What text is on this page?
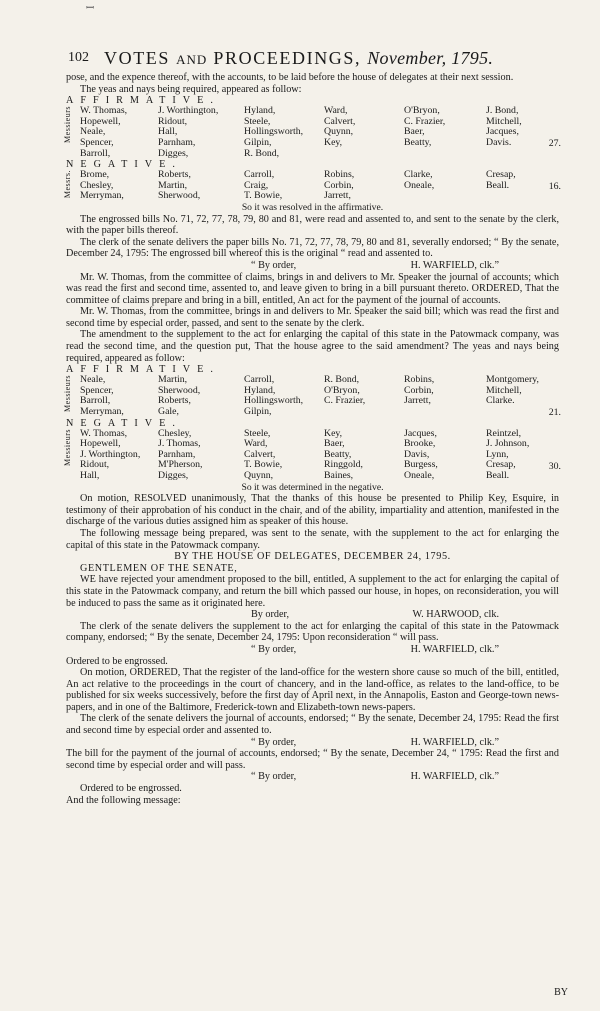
ꟷ
102 VOTES AND PROCEEDINGS, November, 1795.

pose, and the expence thereof, with the accounts, to be laid before the house of delegates at their next session.

The yeas and nays being required, appeared as follow:

AFFIRMATIVE.

Messieurs W. Thomas,	J. Worthington,	Hyland,	Ward,	O'Bryon,	J. Bond,
Hopewell,	Ridout,	Steele,	Calvert,	C. Frazier,	Mitchell,
Neale,	Hall,	Hollingsworth,	Quynn,	Baer,	Jacques,
Spencer,	Parnham,	Gilpin,	Key,	Beatty,	Davis.
Barroll,	Digges,	R. Bond,			
27.

NEGATIVE.

Messrs. Brome,	Roberts,	Carroll,	Robins,	Clarke,	Cresap,
Chesley,	Martin,	Craig,	Corbin,	Oneale,	Beall.
Merryman,	Sherwood,	T. Bowie,	Jarrett,		
16.

So it was resolved in the affirmative.

The engrossed bills No. 71, 72, 77, 78, 79, 80 and 81, were read and assented to, and sent to the senate by the clerk, with the paper bills thereof.

The clerk of the senate delivers the paper bills No. 71, 72, 77, 78, 79, 80 and 81, severally endorsed; “ By the senate, December 24, 1795: The engrossed bill whereof this is the original “ read and assented to.

“ By order,	H. WARFIELD, clk.”

Mr. W. Thomas, from the committee of claims, brings in and delivers to Mr. Speaker the journal of accounts; which was read the first and second time, assented to, and leave given to bring in a bill pursuant thereto. ORDERED, That the committee of claims prepare and bring in a bill, entitled, An act for the payment of the journal of accounts.

Mr. W. Thomas, from the committee, brings in and delivers to Mr. Speaker the said bill; which was read the first and second time by especial order, passed, and sent to the senate by the clerk.

The amendment to the supplement to the act for enlarging the capital of this state in the Patowmack company, was read the second time, and the question put, That the house agree to the said amendment? The yeas and nays being required, appeared as follow:

AFFIRMATIVE.

Messieurs Neale,	Martin,	Carroll,	R. Bond,	Robins,	Montgomery,
Spencer,	Sherwood,	Hyland,	O'Bryon,	Corbin,	Mitchell,
Barroll,	Roberts,	Hollingsworth,	C. Frazier,	Jarrett,	Clarke.
Merryman,	Gale,	Gilpin,				21.

NEGATIVE.

Messieurs W. Thomas,	Chesley,	Steele,	Key,	Jacques,	Reintzel,
Hopewell,	J. Thomas,	Ward,	Baer,	Brooke,	J. Johnson,
J. Worthington,	Parnham,	Calvert,	Beatty,	Davis,	Lynn,
Ridout,	M'Pherson,	T. Bowie,	Ringgold,	Burgess,	Cresap,
Hall,	Digges,	Quynn,	Baines,	Oneale,	Beall.
30.

So it was determined in the negative.

On motion, RESOLVED unanimously, That the thanks of this house be presented to Philip Key, Esquire, in testimony of their approbation of his conduct in the chair, and of the ability, impartiality and attention, manifested in the discharge of the various duties assigned him as speaker of this house.

The following message being prepared, was sent to the senate, with the supplement to the act for enlarging the capital of this state in the Patowmack company.

BY THE HOUSE OF DELEGATES, DECEMBER 24, 1795.

GENTLEMEN OF THE SENATE,

WE have rejected your amendment proposed to the bill, entitled, A supplement to the act for enlarging the capital of this state in the Patowmack company, and return the bill which passed our house, in hopes, on reconsideration, you will be induced to pass the same as it originated here.

By order,	W. HARWOOD, clk.

The clerk of the senate delivers the supplement to the act for enlarging the capital of this state in the Patowmack company, endorsed; “ By the senate, December 24, 1795: Upon reconsideration “ will pass.

“ By order,	H. WARFIELD, clk.”

Ordered to be engrossed.

On motion, ORDERED, That the register of the land-office for the western shore cause so much of the bill, entitled, An act relative to the proceedings in the court of chancery, and in the land-office, as relates to the land-office, to be published for six weeks successively, before the first day of April next, in the Annapolis, Easton and George-town news-papers, and in one of the Baltimore, Frederick-town and Elizabeth-town news-papers.

The clerk of the senate delivers the journal of accounts, endorsed; “ By the senate, December 24, 1795: Read the first and second time by especial order and assented to.

“ By order,	H. WARFIELD, clk.”

The bill for the payment of the journal of accounts, endorsed; “ By the senate, December 24, “ 1795: Read the first and second time by especial order and will pass.

“ By order,	H. WARFIELD, clk.”

Ordered to be engrossed.

And the following message:

BY
